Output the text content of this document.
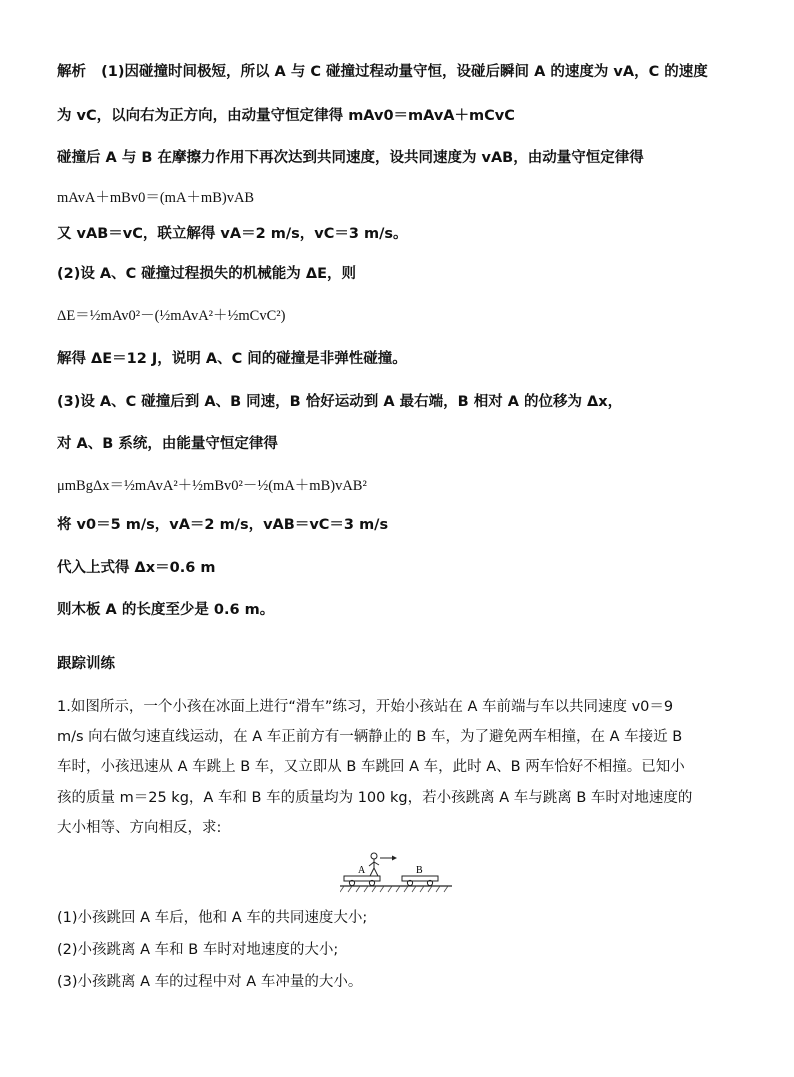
解析 (1)因碰撞时间极短，所以 A 与 C 碰撞过程动量守恒，设碰后瞬间 A 的速度为 vA，C 的速度
为 vC，以向右为正方向，由动量守恒定律得 mAv0＝mAvA＋mCvC
碰撞后 A 与 B 在摩擦力作用下再次达到共同速度，设共同速度为 vAB，由动量守恒定律得
mAvA＋mBv0＝(mA＋mB)vAB
又 vAB＝vC，联立解得 vA＝2 m/s，vC＝3 m/s。
(2)设 A、C 碰撞过程损失的机械能为 ΔE，则
ΔE＝½mAv0²－(½mAvA²＋½mCvC²)
解得 ΔE＝12 J，说明 A、C 间的碰撞是非弹性碰撞。
(3)设 A、C 碰撞后到 A、B 同速，B 恰好运动到 A 最右端，B 相对 A 的位移为 Δx，
对 A、B 系统，由能量守恒定律得
μmBgΔx＝½mAvA²＋½mBv0²－½(mA＋mB)vAB²
将 v0＝5 m/s，vA＝2 m/s，vAB＝vC＝3 m/s
代入上式得 Δx＝0.6 m
则木板 A 的长度至少是 0.6 m。
跟踪训练
1.如图所示，一个小孩在冰面上进行“滑车”练习，开始小孩站在 A 车前端与车以共同速度 v0＝9
m/s 向右做匀速直线运动，在 A 车正前方有一辆静止的 B 车，为了避免两车相撞，在 A 车接近 B
车时，小孩迅速从 A 车跳上 B 车，又立即从 B 车跳回 A 车，此时 A、B 两车恰好不相撞。已知小
孩的质量 m＝25 kg，A 车和 B 车的质量均为 100 kg，若小孩跳离 A 车与跳离 B 车时对地速度的
大小相等、方向相反，求:
A	B
(1)小孩跳回 A 车后，他和 A 车的共同速度大小;
(2)小孩跳离 A 车和 B 车时对地速度的大小;
(3)小孩跳离 A 车的过程中对 A 车冲量的大小。
